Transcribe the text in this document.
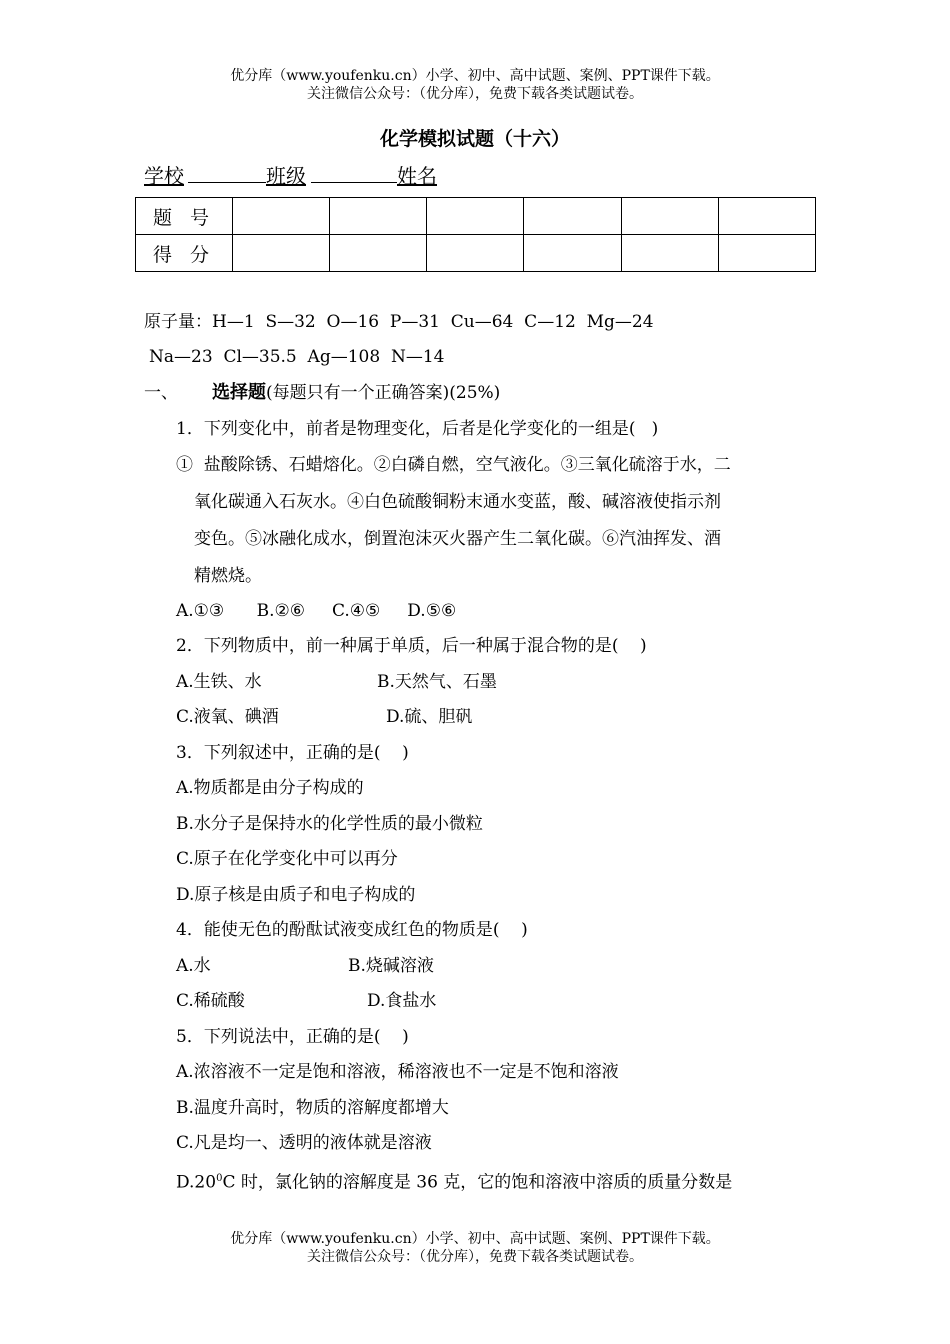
优分库（www.youfenku.cn）小学、初中、高中试题、案例、PPT课件下载。
关注微信公众号：（优分库），免费下载各类试题试卷。
化学模拟试题（十六）
学校	班级	姓名
题 号						
得 分						
原子量：H—1  S—32  O—16  P—31  Cu—64  C—12  Mg—24
Na—23  Cl—35.5  Ag—108  N—14
一、 选择题(每题只有一个正确答案)(25%)
1．下列变化中，前者是物理变化，后者是化学变化的一组是(   )
①  盐酸除锈、石蜡熔化。②白磷自燃，空气液化。③三氧化硫溶于水，二
氧化碳通入石灰水。④白色硫酸铜粉末通水变蓝，酸、碱溶液使指示剂
变色。⑤冰融化成水，倒置泡沫灭火器产生二氧化碳。⑥汽油挥发、酒
精燃烧。
A.①③      B.②⑥     C.④⑤     D.⑤⑥
2．下列物质中，前一种属于单质，后一种属于混合物的是(    )
A.生铁、水	B.天然气、石墨
C.液氧、碘酒	D.硫、胆矾
3．下列叙述中，正确的是(    )
A.物质都是由分子构成的
B.水分子是保持水的化学性质的最小微粒
C.原子在化学变化中可以再分
D.原子核是由质子和电子构成的
4．能使无色的酚酞试液变成红色的物质是(    )
A.水	B.烧碱溶液
C.稀硫酸	D.食盐水
5．下列说法中，正确的是(    )
A.浓溶液不一定是饱和溶液，稀溶液也不一定是不饱和溶液
B.温度升高时，物质的溶解度都增大
C.凡是均一、透明的液体就是溶液
$D.20^0C$ 时，氯化钠的溶解度是 36 克，它的饱和溶液中溶质的质量分数是
优分库（www.youfenku.cn）小学、初中、高中试题、案例、PPT课件下载。
关注微信公众号：（优分库），免费下载各类试题试卷。
